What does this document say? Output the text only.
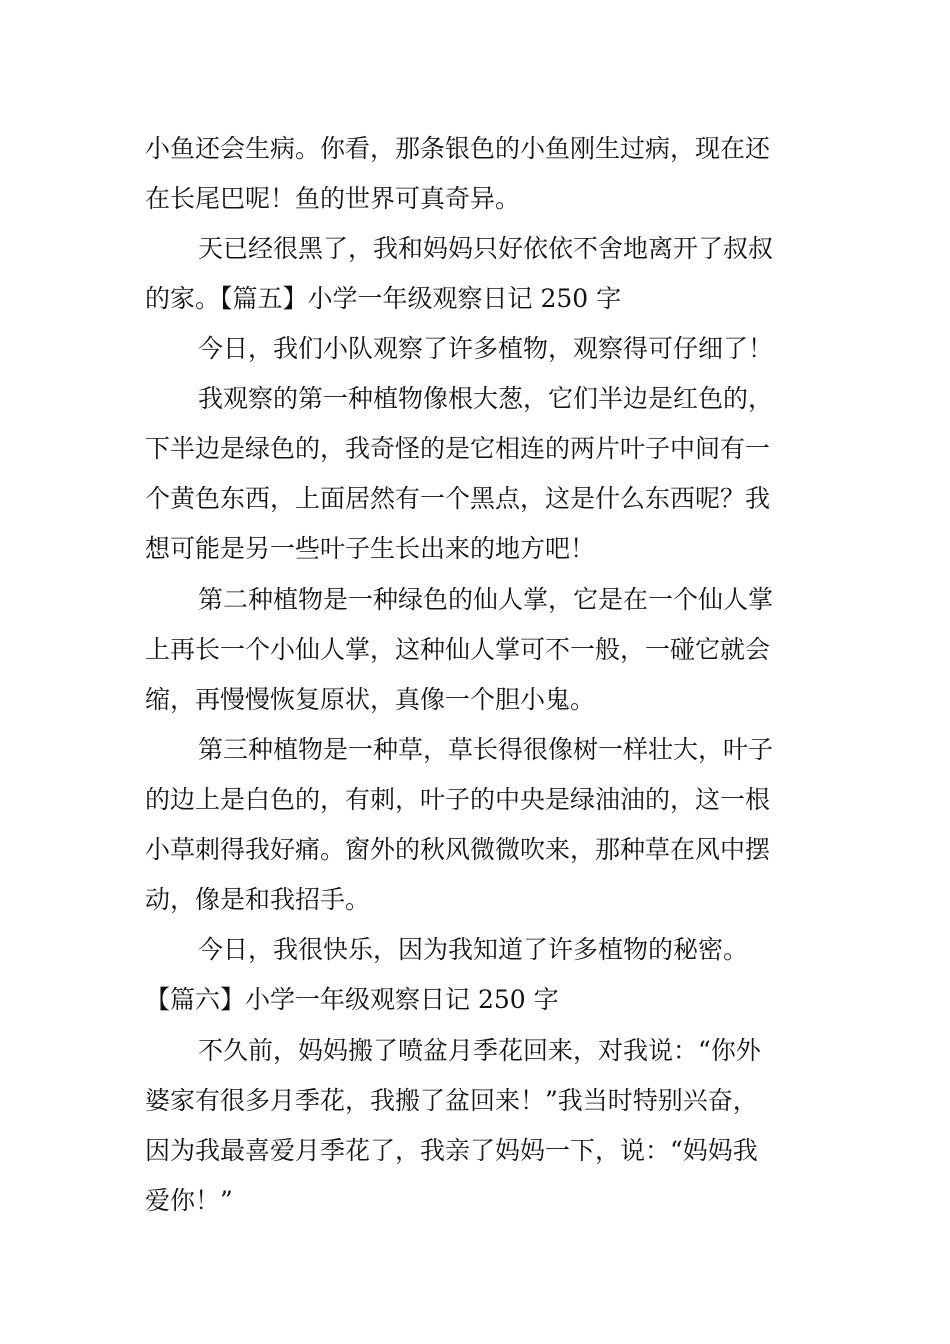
小鱼还会生病。你看，那条银色的小鱼刚生过病，现在还
在长尾巴呢！鱼的世界可真奇异。
天已经很黑了，我和妈妈只好依依不舍地离开了叔叔
的家。【篇五】小学一年级观察日记 250 字
今日，我们小队观察了许多植物，观察得可仔细了！
我观察的第一种植物像根大葱，它们半边是红色的，
下半边是绿色的，我奇怪的是它相连的两片叶子中间有一
个黄色东西，上面居然有一个黑点，这是什么东西呢？我
想可能是另一些叶子生长出来的地方吧！
第二种植物是一种绿色的仙人掌，它是在一个仙人掌
上再长一个小仙人掌，这种仙人掌可不一般，一碰它就会
缩，再慢慢恢复原状，真像一个胆小鬼。
第三种植物是一种草，草长得很像树一样壮大，叶子
的边上是白色的，有刺，叶子的中央是绿油油的，这一根
小草刺得我好痛。窗外的秋风微微吹来，那种草在风中摆
动，像是和我招手。
今日，我很快乐，因为我知道了许多植物的秘密。
【篇六】小学一年级观察日记 250 字
不久前，妈妈搬了喷盆月季花回来，对我说：“你外
婆家有很多月季花，我搬了盆回来！”我当时特别兴奋，
因为我最喜爱月季花了，我亲了妈妈一下，说：“妈妈我
爱你！”
